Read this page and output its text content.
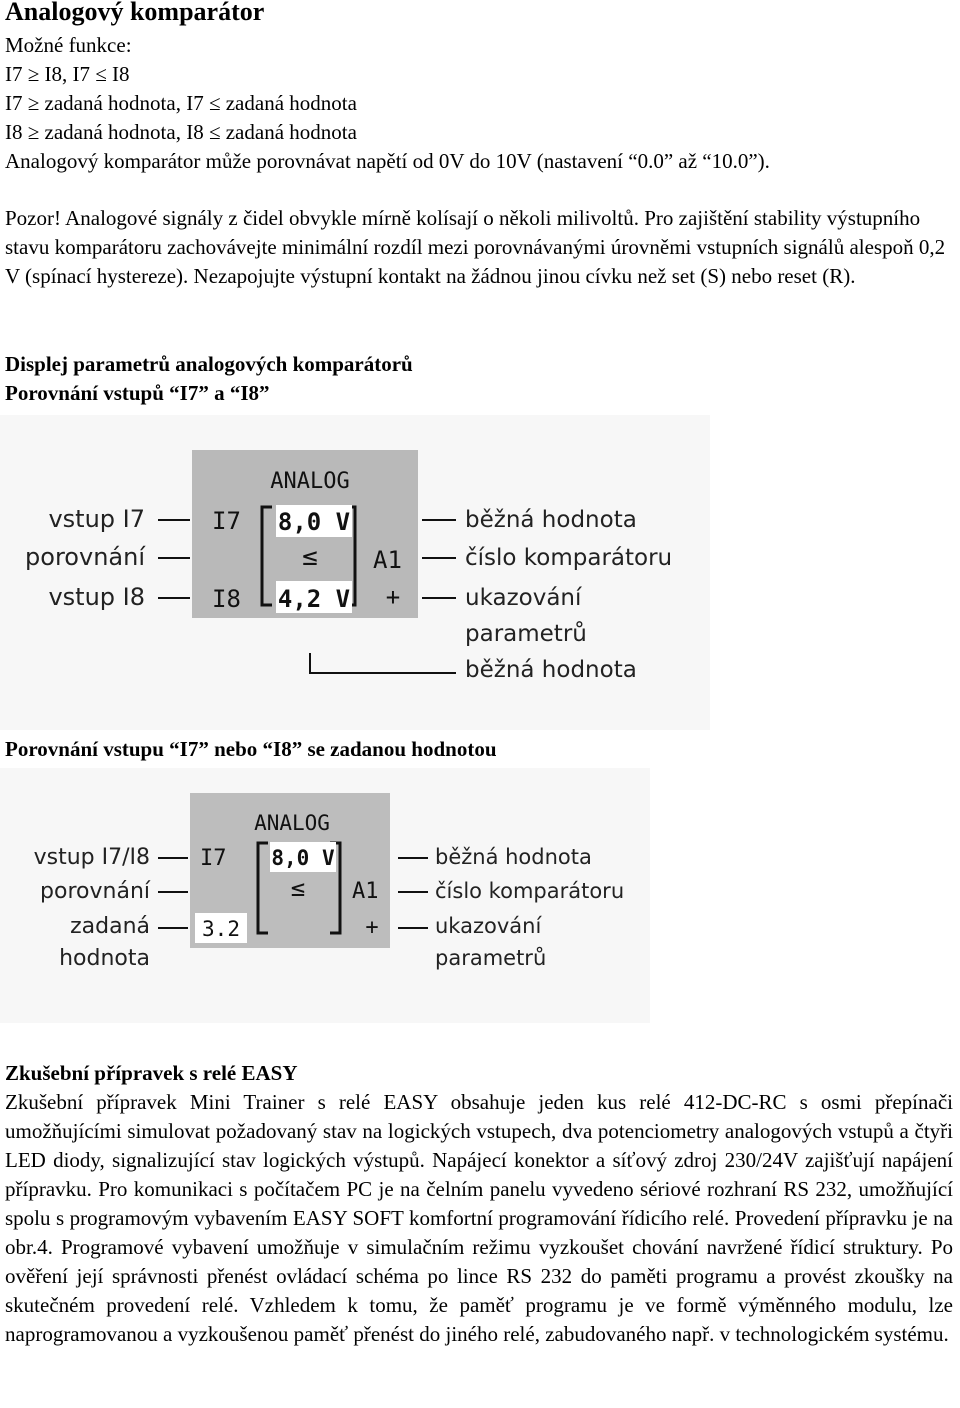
Analogový komparátor
Možné funkce:
I7 ≥ I8, I7 ≤ I8
I7 ≥ zadaná hodnota, I7 ≤ zadaná hodnota
I8 ≥ zadaná hodnota, I8 ≤ zadaná hodnota
Analogový komparátor může porovnávat napětí od 0V do 10V (nastavení “0.0” až “10.0”).
Pozor! Analogové signály z čidel obvykle mírně kolísají o několi milivoltů. Pro zajištění stability výstupního stavu komparátoru zachovávejte minimální rozdíl mezi porovnávanými úrovněmi vstupních signálů alespoň 0,2 V (spínací hystereze). Nezapojujte výstupní kontakt na žádnou jinou cívku než set (S) nebo reset (R).
Displej parametrů analogových komparátorů
Porovnání vstupů “I7” a “I8”
ANALOG
I7
I8
8,0 V
≤
4,2 V
A1
+
vstup I7
porovnání
vstup I8
běžná hodnota
číslo komparátoru
ukazování
parametrů
běžná hodnota
Porovnání vstupu “I7” nebo “I8” se zadanou hodnotou
ANALOG
I7 8,0 V
≤
3.2
A1
+
vstup I7/I8
porovnání
zadaná
hodnota
běžná hodnota
číslo komparátoru
ukazování
parametrů
Zkušební přípravek s relé EASY
Zkušební přípravek Mini Trainer s relé EASY obsahuje jeden kus relé 412-DC-RC s osmi přepínači umožňujícími simulovat požadovaný stav na logických vstupech, dva potenciometry analogových vstupů a čtyři LED diody, signalizující stav logických výstupů. Napájecí konektor a síťový zdroj 230/24V zajišťují napájení přípravku. Pro komunikaci s počítačem PC je na čelním panelu vyvedeno sériové rozhraní RS 232, umožňující spolu s programovým vybavením EASY SOFT komfortní programování řídicího relé. Provedení přípravku je na obr.4. Programové vybavení umožňuje v simulačním režimu vyzkoušet chování navržené řídicí struktury. Po ověření její správnosti přenést ovládací schéma po lince RS 232 do paměti programu a provést zkoušky na skutečném provedení relé. Vzhledem k tomu, že paměť programu je ve formě výměnného modulu, lze naprogramovanou a vyzkoušenou paměť přenést do jiného relé, zabudovaného např. v technologickém systému.
